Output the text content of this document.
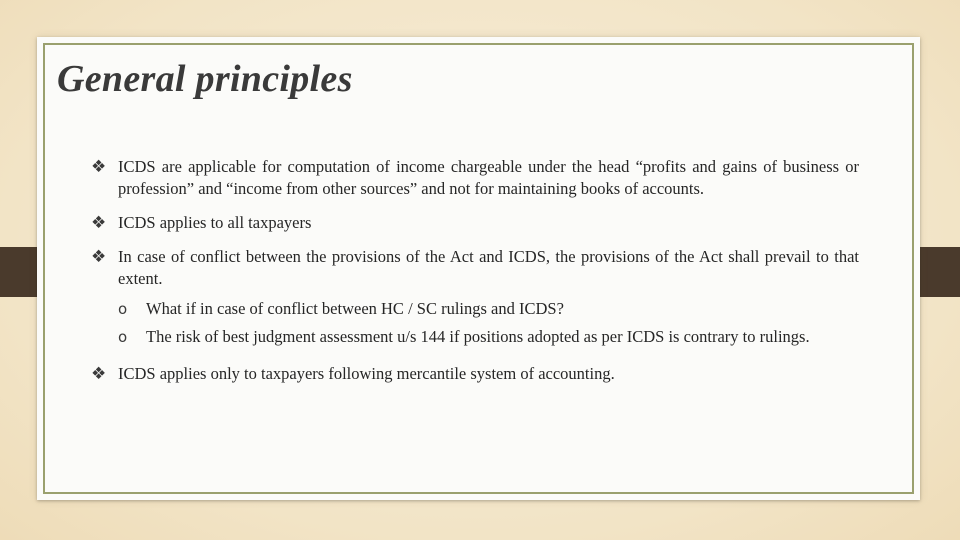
General principles
❖ ICDS are applicable for computation of income chargeable under the head “profits and gains of business or profession” and “income from other sources” and not for maintaining books of accounts.
❖ ICDS applies to all taxpayers
❖ In case of conflict between the provisions of the Act and ICDS, the provisions of the Act shall prevail to that extent.
o What if in case of conflict between HC / SC rulings and ICDS?
o The risk of best judgment assessment u/s 144 if positions adopted as per ICDS is contrary to rulings.
❖ ICDS applies only to taxpayers following mercantile system of accounting.
